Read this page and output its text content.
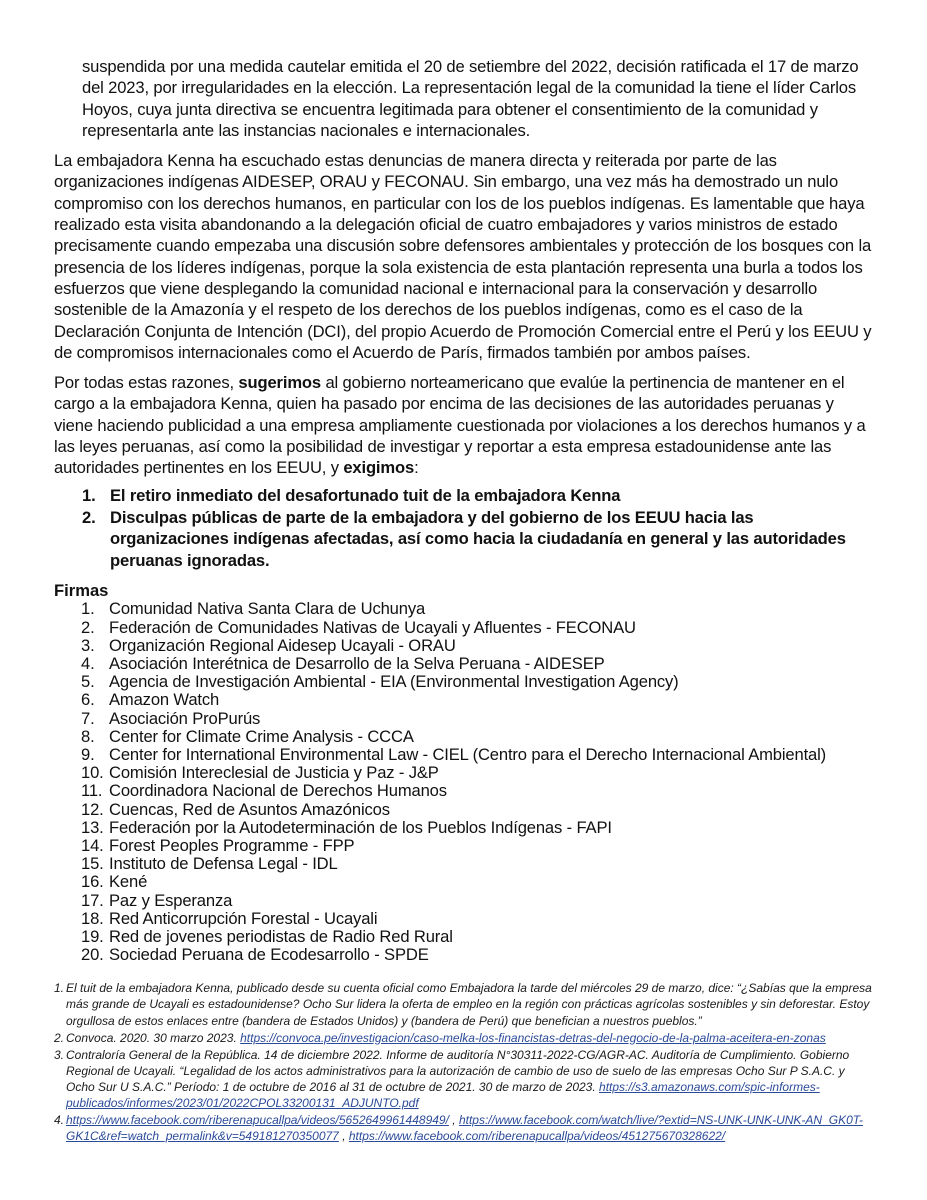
suspendida por una medida cautelar emitida el 20 de setiembre del 2022, decisión ratificada el 17 de marzo del 2023, por irregularidades en la elección. La representación legal de la comunidad la tiene el líder Carlos Hoyos, cuya junta directiva se encuentra legitimada para obtener el consentimiento de la comunidad y representarla ante las instancias nacionales e internacionales.

La embajadora Kenna ha escuchado estas denuncias de manera directa y reiterada por parte de las organizaciones indígenas AIDESEP, ORAU y FECONAU. Sin embargo, una vez más ha demostrado un nulo compromiso con los derechos humanos, en particular con los de los pueblos indígenas. Es lamentable que haya realizado esta visita abandonando a la delegación oficial de cuatro embajadores y varios ministros de estado precisamente cuando empezaba una discusión sobre defensores ambientales y protección de los bosques con la presencia de los líderes indígenas, porque la sola existencia de esta plantación representa una burla a todos los esfuerzos que viene desplegando la comunidad nacional e internacional para la conservación y desarrollo sostenible de la Amazonía y el respeto de los derechos de los pueblos indígenas, como es el caso de la Declaración Conjunta de Intención (DCI), del propio Acuerdo de Promoción Comercial entre el Perú y los EEUU y de compromisos internacionales como el Acuerdo de París, firmados también por ambos países.

Por todas estas razones, sugerimos al gobierno norteamericano que evalúe la pertinencia de mantener en el cargo a la embajadora Kenna, quien ha pasado por encima de las decisiones de las autoridades peruanas y viene haciendo publicidad a una empresa ampliamente cuestionada por violaciones a los derechos humanos y a las leyes peruanas, así como la posibilidad de investigar y reportar a esta empresa estadounidense ante las autoridades pertinentes en los EEUU, y exigimos:

1. El retiro inmediato del desafortunado tuit de la embajadora Kenna
2. Disculpas públicas de parte de la embajadora y del gobierno de los EEUU hacia las organizaciones indígenas afectadas, así como hacia la ciudadanía en general y las autoridades peruanas ignoradas.
Firmas
1. Comunidad Nativa Santa Clara de Uchunya
2. Federación de Comunidades Nativas de Ucayali y Afluentes - FECONAU
3. Organización Regional Aidesep Ucayali - ORAU
4. Asociación Interétnica de Desarrollo de la Selva Peruana - AIDESEP
5. Agencia de Investigación Ambiental - EIA (Environmental Investigation Agency)
6. Amazon Watch
7. Asociación ProPurús
8. Center for Climate Crime Analysis - CCCA
9. Center for International Environmental Law - CIEL (Centro para el Derecho Internacional Ambiental)
10. Comisión Intereclesial de Justicia y Paz - J&P
11. Coordinadora Nacional de Derechos Humanos
12. Cuencas, Red de Asuntos Amazónicos
13. Federación por la Autodeterminación de los Pueblos Indígenas - FAPI
14. Forest Peoples Programme - FPP
15. Instituto de Defensa Legal - IDL
16. Kené
17. Paz y Esperanza
18. Red Anticorrupción Forestal - Ucayali
19. Red de jovenes periodistas de Radio Red Rural
20. Sociedad Peruana de Ecodesarrollo - SPDE
1. El tuit de la embajadora Kenna, publicado desde su cuenta oficial como Embajadora la tarde del miércoles 29 de marzo, dice: “¿Sabías que la empresa más grande de Ucayali es estadounidense? Ocho Sur lidera la oferta de empleo en la región con prácticas agrícolas sostenibles y sin deforestar. Estoy orgullosa de estos enlaces entre (bandera de Estados Unidos) y (bandera de Perú) que benefician a nuestros pueblos.”
2. Convoca. 2020. 30 marzo 2023. https://convoca.pe/investigacion/caso-melka-los-financistas-detras-del-negocio-de-la-palma-aceitera-en-zonas
3. Contraloría General de la República. 14 de diciembre 2022. Informe de auditoría N°30311-2022-CG/AGR-AC. Auditoría de Cumplimiento. Gobierno Regional de Ucayali. “Legalidad de los actos administrativos para la autorización de cambio de uso de suelo de las empresas Ocho Sur P S.A.C. y Ocho Sur U S.A.C.” Período: 1 de octubre de 2016 al 31 de octubre de 2021. 30 de marzo de 2023. https://s3.amazonaws.com/spic-informes-publicados/informes/2023/01/2022CPOL33200131_ADJUNTO.pdf
4. https://www.facebook.com/riberenapucallpa/videos/5652649961448949/ , https://www.facebook.com/watch/live/?extid=NS-UNK-UNK-UNK-AN_GK0T-GK1C&ref=watch_permalink&v=549181270350077 , https://www.facebook.com/riberenapucallpa/videos/451275670328622/
